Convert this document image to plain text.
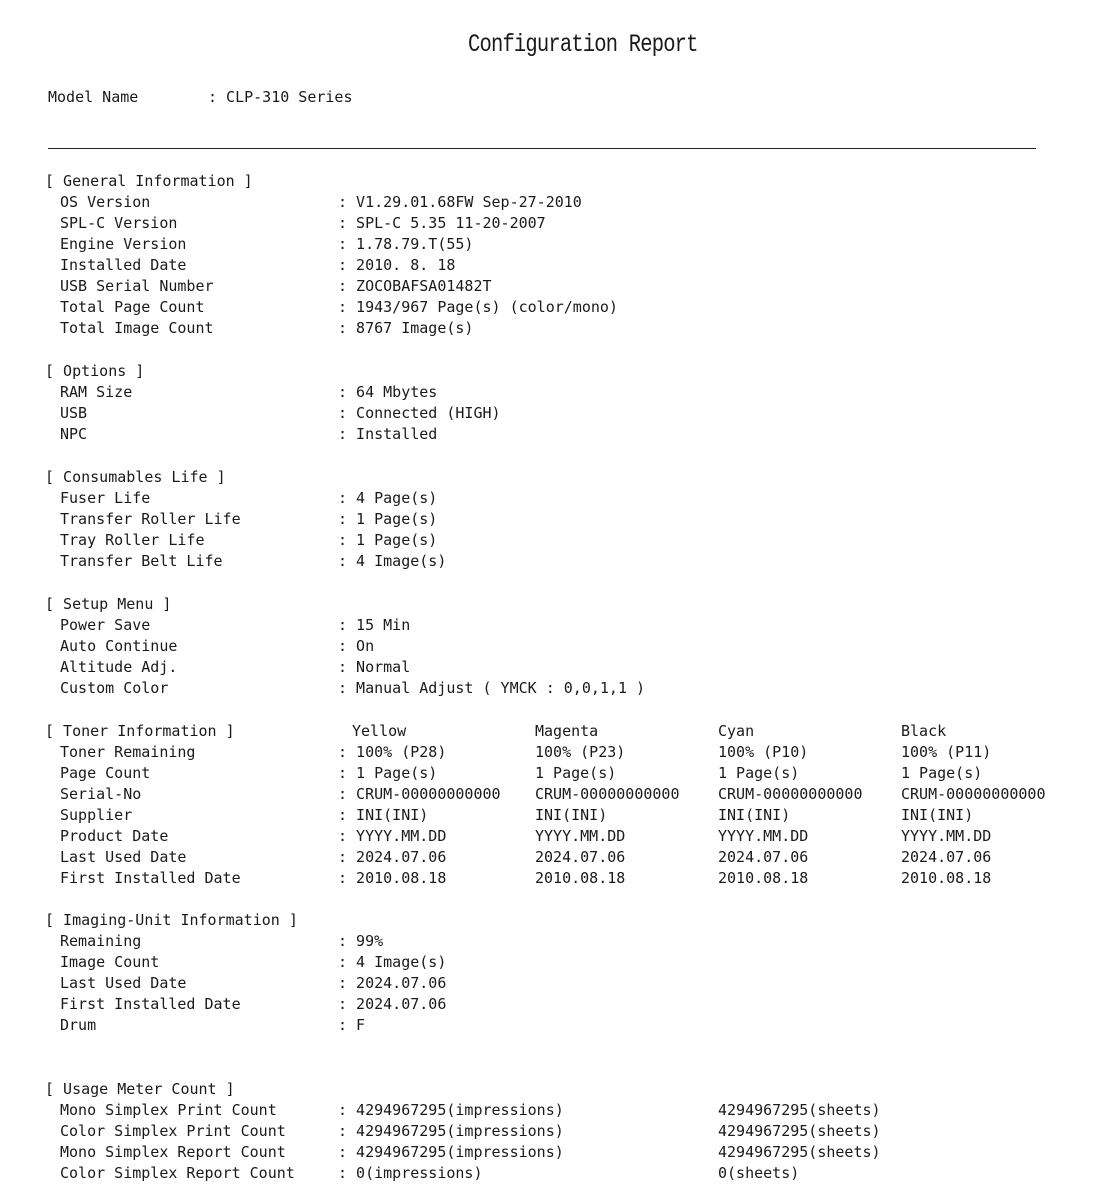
Configuration Report
Model Name	: CLP-310 Series
[ General Information ]
OS Version	: V1.29.01.68FW Sep-27-2010
SPL-C Version	: SPL-C 5.35 11-20-2007
Engine Version	: 1.78.79.T(55)
Installed Date	: 2010. 8. 18
USB Serial Number	: ZOCOBAFSA01482T
Total Page Count	: 1943/967 Page(s) (color/mono)
Total Image Count	: 8767 Image(s)
[ Options ]
RAM Size	: 64 Mbytes
USB	: Connected (HIGH)
NPC	: Installed
[ Consumables Life ]
Fuser Life	: 4 Page(s)
Transfer Roller Life	: 1 Page(s)
Tray Roller Life	: 1 Page(s)
Transfer Belt Life	: 4 Image(s)
[ Setup Menu ]
Power Save	: 15 Min
Auto Continue	: On
Altitude Adj.	: Normal
Custom Color	: Manual Adjust ( YMCK : 0,0,1,1 )
[ Toner Information ]	Yellow	Magenta	Cyan	Black
Toner Remaining	: 100% (P28)	100% (P23)	100% (P10)	100% (P11)
Page Count	: 1 Page(s)	1 Page(s)	1 Page(s)	1 Page(s)
Serial-No	: CRUM-00000000000 CRUM-00000000000	CRUM-00000000000	CRUM-00000000000
Supplier	: INI(INI)	INI(INI)	INI(INI)	INI(INI)
Product Date	: YYYY.MM.DD	YYYY.MM.DD	YYYY.MM.DD	YYYY.MM.DD
Last Used Date	: 2024.07.06	2024.07.06	2024.07.06	2024.07.06
First Installed Date	: 2010.08.18	2010.08.18	2010.08.18	2010.08.18
[ Imaging-Unit Information ]
Remaining	: 99%
Image Count	: 4 Image(s)
Last Used Date	: 2024.07.06
First Installed Date	: 2024.07.06
Drum	: F
[ Usage Meter Count ]
Mono Simplex Print Count	: 4294967295(impressions)	4294967295(sheets)
Color Simplex Print Count	: 4294967295(impressions)	4294967295(sheets)
Mono Simplex Report Count	: 4294967295(impressions)	4294967295(sheets)
Color Simplex Report Count	: 0(impressions)	0(sheets)
